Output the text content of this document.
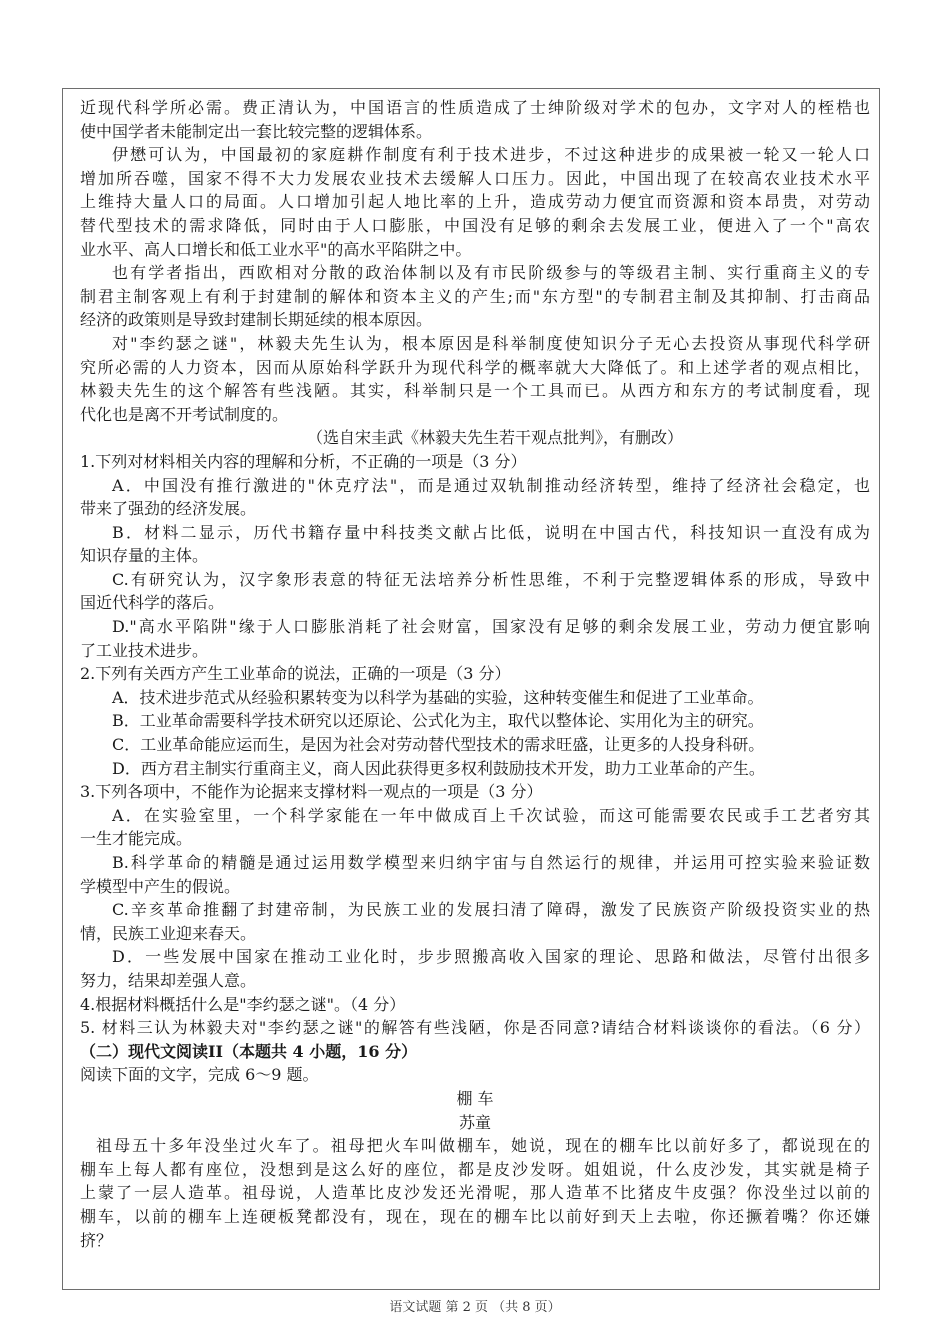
近现代科学所必需。费正清认为，中国语言的性质造成了士绅阶级对学术的包办，文字对人的桎梏也
使中国学者未能制定出一套比较完整的逻辑体系。
伊懋可认为，中国最初的家庭耕作制度有利于技术进步，不过这种进步的成果被一轮又一轮人口
增加所吞噬，国家不得不大力发展农业技术去缓解人口压力。因此，中国出现了在较高农业技术水平
上维持大量人口的局面。人口增加引起人地比率的上升，造成劳动力便宜而资源和资本昂贵，对劳动
替代型技术的需求降低，同时由于人口膨胀，中国没有足够的剩余去发展工业，便进入了一个"高农
业水平、高人口增长和低工业水平"的高水平陷阱之中。
也有学者指出，西欧相对分散的政治体制以及有市民阶级参与的等级君主制、实行重商主义的专
制君主制客观上有利于封建制的解体和资本主义的产生;而"东方型"的专制君主制及其抑制、打击商品
经济的政策则是导致封建制长期延续的根本原因。
对"李约瑟之谜"，林毅夫先生认为，根本原因是科举制度使知识分子无心去投资从事现代科学研
究所必需的人力资本，因而从原始科学跃升为现代科学的概率就大大降低了。和上述学者的观点相比，
林毅夫先生的这个解答有些浅陋。其实，科举制只是一个工具而已。从西方和东方的考试制度看，现
代化也是离不开考试制度的。
（选自宋圭武《林毅夫先生若干观点批判》，有删改）
1.下列对材料相关内容的理解和分析，不正确的一项是（3 分）
A．中国没有推行激进的"休克疗法"，而是通过双轨制推动经济转型，维持了经济社会稳定，也
带来了强劲的经济发展。
B．材料二显示，历代书籍存量中科技类文献占比低，说明在中国古代，科技知识一直没有成为
知识存量的主体。
C.有研究认为，汉字象形表意的特征无法培养分析性思维，不利于完整逻辑体系的形成，导致中
国近代科学的落后。
D."高水平陷阱"缘于人口膨胀消耗了社会财富，国家没有足够的剩余发展工业，劳动力便宜影响
了工业技术进步。
2.下列有关西方产生工业革命的说法，正确的一项是（3 分）
A．技术进步范式从经验积累转变为以科学为基础的实验，这种转变催生和促进了工业革命。
B．工业革命需要科学技术研究以还原论、公式化为主，取代以整体论、实用化为主的研究。
C．工业革命能应运而生，是因为社会对劳动替代型技术的需求旺盛，让更多的人投身科研。
D．西方君主制实行重商主义，商人因此获得更多权利鼓励技术开发，助力工业革命的产生。
3.下列各项中，不能作为论据来支撑材料一观点的一项是（3 分）
A．在实验室里，一个科学家能在一年中做成百上千次试验，而这可能需要农民或手工艺者穷其
一生才能完成。
B.科学革命的精髓是通过运用数学模型来归纳宇宙与自然运行的规律，并运用可控实验来验证数
学模型中产生的假说。
C.辛亥革命推翻了封建帝制，为民族工业的发展扫清了障碍，激发了民族资产阶级投资实业的热
情，民族工业迎来春天。
D．一些发展中国家在推动工业化时，步步照搬高收入国家的理论、思路和做法，尽管付出很多
努力，结果却差强人意。
4.根据材料概括什么是"李约瑟之谜"。（4 分）
5. 材料三认为林毅夫对"李约瑟之谜"的解答有些浅陋，你是否同意?请结合材料谈谈你的看法。（6 分）
（二）现代文阅读II（本题共 4 小题，16 分）
阅读下面的文字，完成 6～9 题。
棚 车
苏童
祖母五十多年没坐过火车了。祖母把火车叫做棚车，她说，现在的棚车比以前好多了，都说现在的
棚车上每人都有座位，没想到是这么好的座位，都是皮沙发呀。姐姐说，什么皮沙发，其实就是椅子
上蒙了一层人造革。祖母说，人造革比皮沙发还光滑呢，那人造革不比猪皮牛皮强？你没坐过以前的
棚车，以前的棚车上连硬板凳都没有，现在，现在的棚车比以前好到天上去啦，你还撅着嘴？你还嫌
挤？
语文试题 第 2 页 （共 8 页）
